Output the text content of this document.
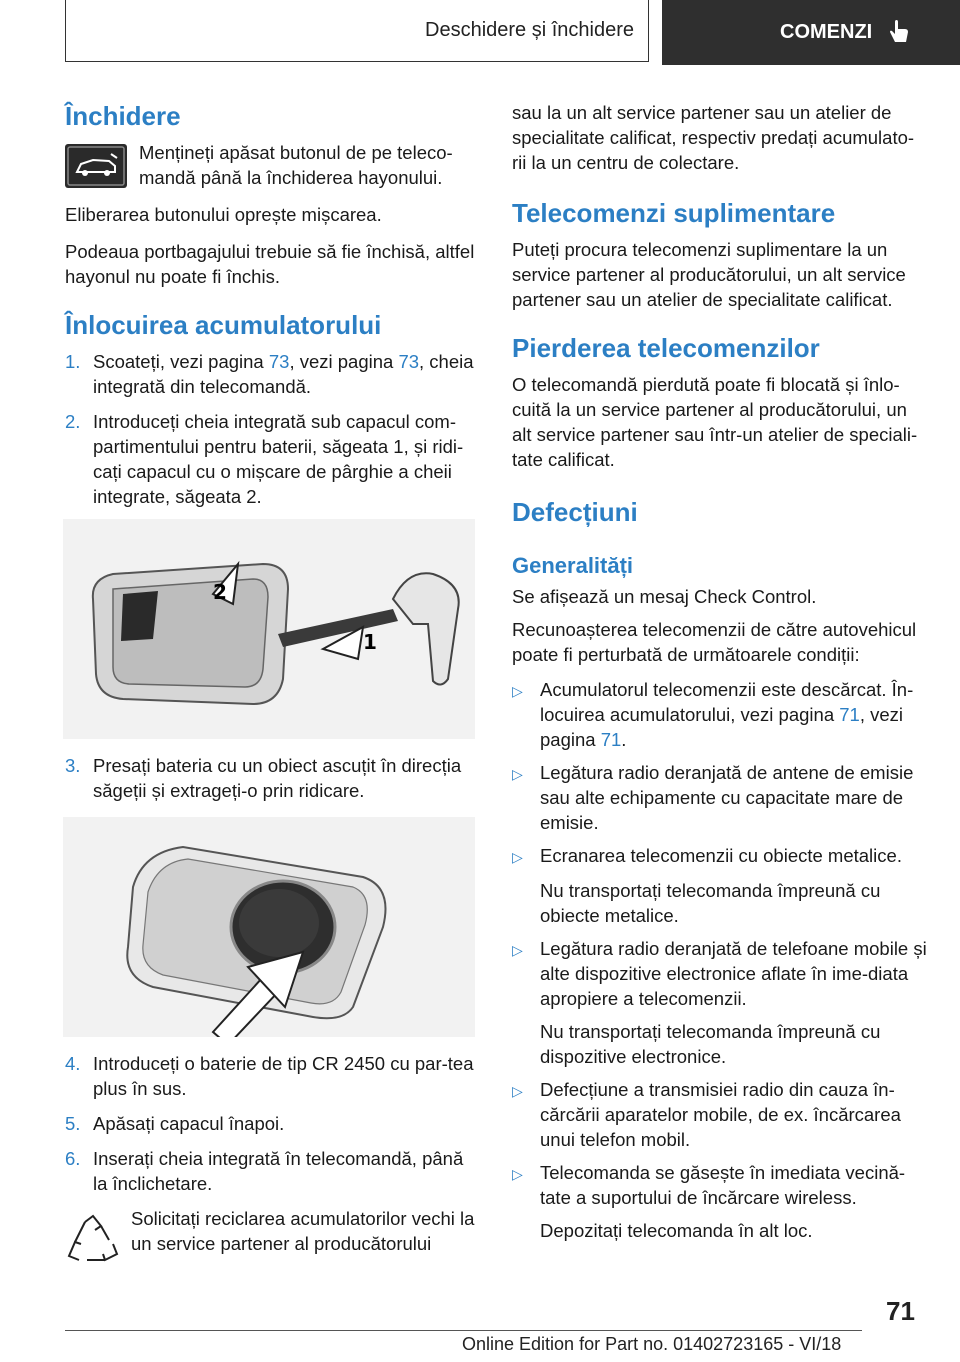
Deschidere și închidere	COMENZI
Închidere
Mențineți apăsat butonul de pe teleco-mandă până la închiderea hayonului.

Eliberarea butonului oprește mișcarea.

Podeaua portbagajului trebuie să fie închisă, altfel hayonul nu poate fi închis.

Înlocuirea acumulatorului
1. Scoateți, vezi pagina 73, vezi pagina 73, cheia integrată din telecomandă.
2. Introduceți cheia integrată sub capacul com-partimentului pentru baterii, săgeata 1, și ridi-cați capacul cu o mișcare de pârghie a cheii integrate, săgeata 2.
2
1
3. Presați bateria cu un obiect ascuțit în direcția săgeții și extrageți-o prin ridicare.
4. Introduceți o baterie de tip CR 2450 cu par-tea plus în sus.
5. Apăsați capacul înapoi.
6. Inserați cheia integrată în telecomandă, până la înclichetare.
Solicitați reciclarea acumulatorilor vechi la un service partener al producătorului

sau la un alt service partener sau un atelier de specialitate calificat, respectiv predați acumulato-rii la un centru de colectare.

Telecomenzi suplimentare

Puteți procura telecomenzi suplimentare la un service partener al producătorului, un alt service partener sau un atelier de specialitate calificat.

Pierderea telecomenzilor

O telecomandă pierdută poate fi blocată și înlo-cuită la un service partener al producătorului, un alt service partener sau într-un atelier de speciali-tate calificat.

Defecțiuni
Generalități

Se afișează un mesaj Check Control.

Recunoașterea telecomenzii de către autovehicul poate fi perturbată de următoarele condiții:

▷ Acumulatorul telecomenzii este descărcat. În-locuirea acumulatorului, vezi pagina 71, vezi pagina 71.
▷ Legătura radio deranjată de antene de emisie sau alte echipamente cu capacitate mare de emisie.
▷ Ecranarea telecomenzii cu obiecte metalice.
Nu transportați telecomanda împreună cu obiecte metalice.
▷ Legătura radio deranjată de telefoane mobile și alte dispozitive electronice aflate în ime-diata apropiere a telecomenzii.
Nu transportați telecomanda împreună cu dispozitive electronice.
▷ Defecțiune a transmisiei radio din cauza în-cărcării aparatelor mobile, de ex. încărcarea unui telefon mobil.
▷ Telecomanda se găsește în imediata vecină-tate a suportului de încărcare wireless.
Depozitați telecomanda în alt loc.
71
Online Edition for Part no. 01402723165 - VI/18
